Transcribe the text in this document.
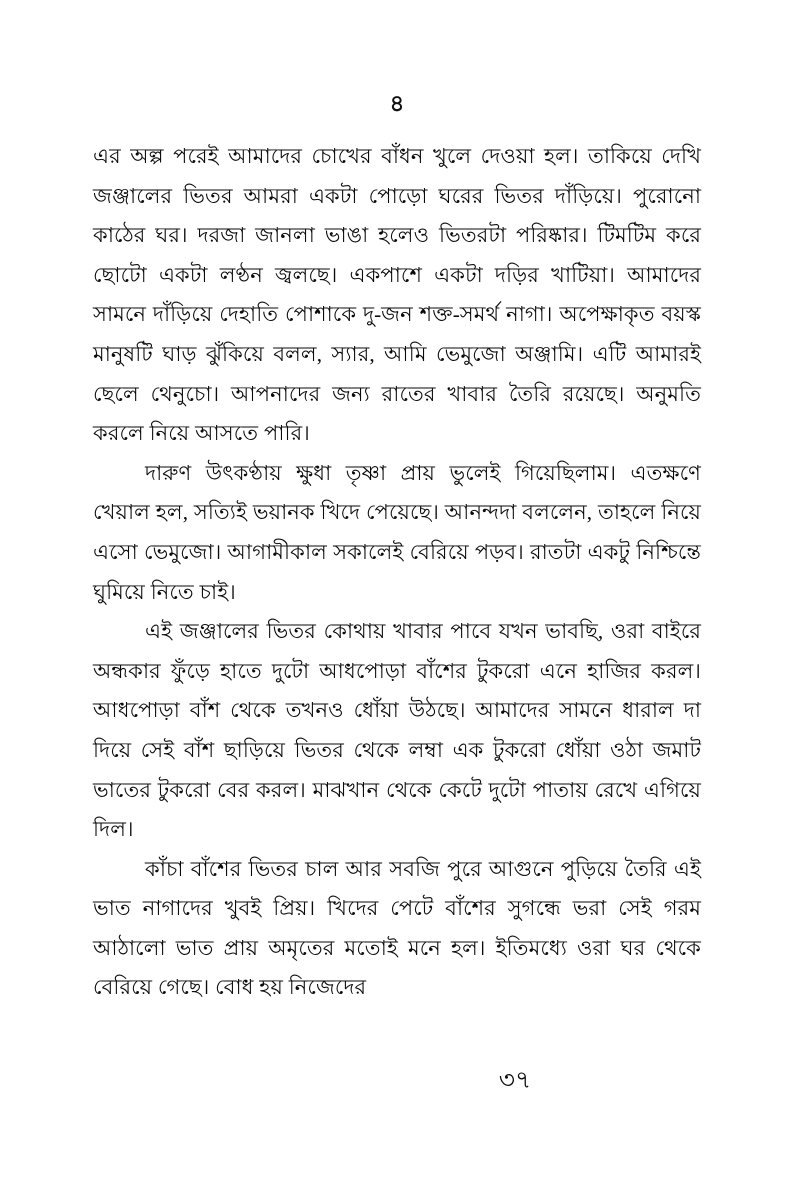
৪

এর অল্প পরেই আমাদের চোখের বাঁধন খুলে দেওয়া হল। তাকিয়ে দেখি জঞ্জালের ভিতর আমরা একটা পোড়ো ঘরের ভিতর দাঁড়িয়ে। পুরোনো কাঠের ঘর। দরজা জানলা ভাঙা হলেও ভিতরটা পরিষ্কার। টিমটিম করে ছোটো একটা লণ্ঠন জ্বলছে। একপাশে একটা দড়ির খাটিয়া। আমাদের সামনে দাঁড়িয়ে দেহাতি পোশাকে দু-জন শক্ত-সমর্থ নাগা। অপেক্ষাকৃত বয়স্ক মানুষটি ঘাড় ঝুঁকিয়ে বলল, স্যার, আমি ভেমুজো অঞ্জামি। এটি আমারই ছেলে থেনুচো। আপনাদের জন্য রাতের খাবার তৈরি রয়েছে। অনুমতি করলে নিয়ে আসতে পারি।

দারুণ উৎকণ্ঠায় ক্ষুধা তৃষ্ণা প্রায় ভুলেই গিয়েছিলাম। এতক্ষণে খেয়াল হল, সত্যিই ভয়ানক খিদে পেয়েছে। আনন্দদা বললেন, তাহলে নিয়ে এসো ভেমুজো। আগামীকাল সকালেই বেরিয়ে পড়ব। রাতটা একটু নিশ্চিন্তে ঘুমিয়ে নিতে চাই।

এই জঞ্জালের ভিতর কোথায় খাবার পাবে যখন ভাবছি, ওরা বাইরে অন্ধকার ফুঁড়ে হাতে দুটো আধপোড়া বাঁশের টুকরো এনে হাজির করল। আধপোড়া বাঁশ থেকে তখনও ধোঁয়া উঠছে। আমাদের সামনে ধারাল দা দিয়ে সেই বাঁশ ছাড়িয়ে ভিতর থেকে লম্বা এক টুকরো ধোঁয়া ওঠা জমাট ভাতের টুকরো বের করল। মাঝখান থেকে কেটে দুটো পাতায় রেখে এগিয়ে দিল।

কাঁচা বাঁশের ভিতর চাল আর সবজি পুরে আগুনে পুড়িয়ে তৈরি এই ভাত নাগাদের খুবই প্রিয়। খিদের পেটে বাঁশের সুগন্ধে ভরা সেই গরম আঠালো ভাত প্রায় অমৃতের মতোই মনে হল। ইতিমধ্যে ওরা ঘর থেকে বেরিয়ে গেছে। বোধ হয় নিজেদের

৩৭
